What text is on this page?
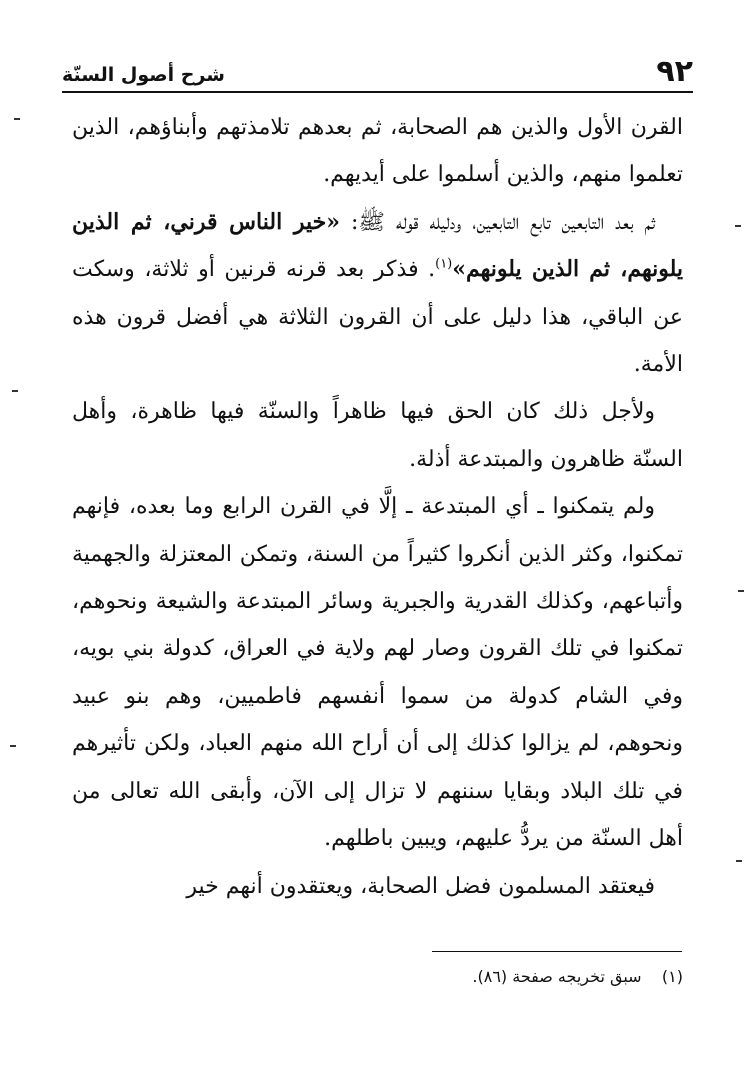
٩٢
شرح أصول السنّة

القرن الأول والذين هم الصحابة، ثم بعدهم تلامذتهم وأبناؤهم، الذين تعلموا منهم، والذين أسلموا على أيديهم.

ثم بعد التابعين تابع التابعين، ودليله قوله ﷺ: «خير الناس قرني، ثم الذين يلونهم، ثم الذين يلونهم»$^{(١)}$. فذكر بعد قرنه قرنين أو ثلاثة، وسكت عن الباقي، هذا دليل على أن القرون الثلاثة هي أفضل قرون هذه الأمة.

ولأجل ذلك كان الحق فيها ظاهراً والسنّة فيها ظاهرة، وأهل السنّة ظاهرون والمبتدعة أذلة.

ولم يتمكنوا ـ أي المبتدعة ـ إلَّا في القرن الرابع وما بعده، فإنهم تمكنوا، وكثر الذين أنكروا كثيراً من السنة، وتمكن المعتزلة والجهمية وأتباعهم، وكذلك القدرية والجبرية وسائر المبتدعة والشيعة ونحوهم، تمكنوا في تلك القرون وصار لهم ولاية في العراق، كدولة بني بويه، وفي الشام كدولة من سموا أنفسهم فاطميين، وهم بنو عبيد ونحوهم، لم يزالوا كذلك إلى أن أراح الله منهم العباد، ولكن تأثيرهم في تلك البلاد وبقايا سننهم لا تزال إلى الآن، وأبقى الله تعالى من أهل السنّة من يردُّ عليهم، ويبين باطلهم.

فيعتقد المسلمون فضل الصحابة، ويعتقدون أنهم خير

(١)    سبق تخريجه صفحة (٨٦).
